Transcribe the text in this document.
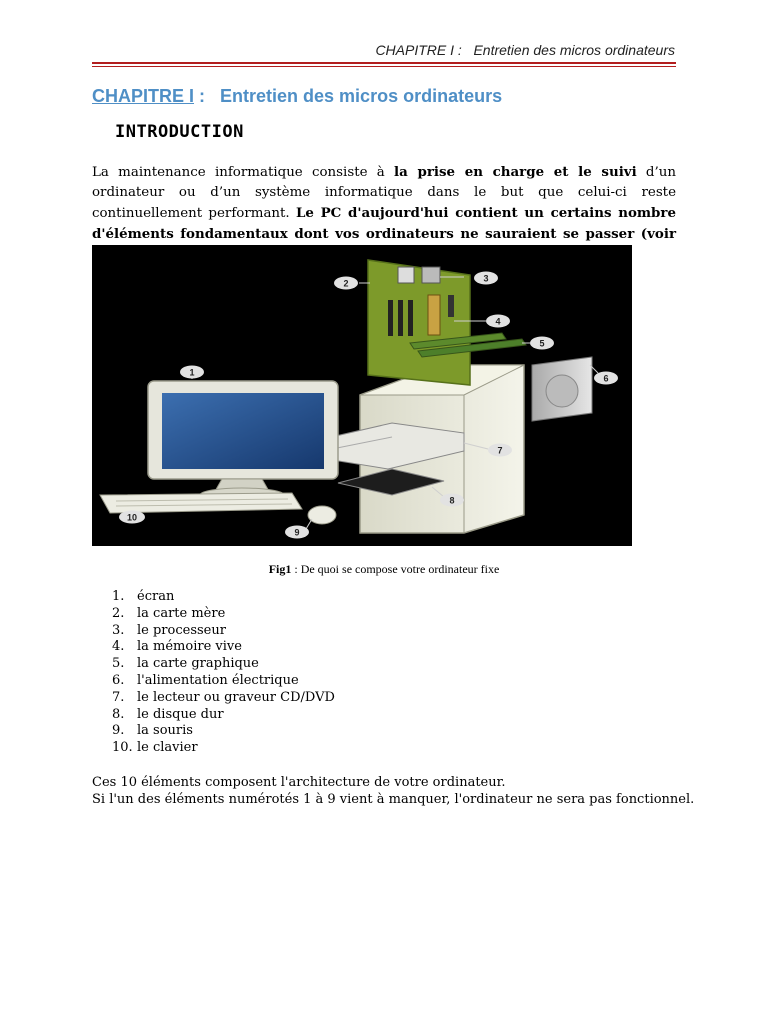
CHAPITRE I :   Entretien des micros ordinateurs
CHAPITRE I :   Entretien des micros ordinateurs
INTRODUCTION

La maintenance informatique consiste à la prise en charge et le suivi d’un ordinateur ou d’un système informatique dans le but que celui-ci reste continuellement performant. Le PC d'aujourd'hui contient un certains nombre d'éléments fondamentaux dont vos ordinateurs ne sauraient se passer (voir

1
2	3
4
5
6
7
8
9
10
Fig1 : De quoi se compose votre ordinateur fixe
1. écran
2. la carte mère
3. le processeur
4. la mémoire vive
5. la carte graphique
6. l'alimentation électrique
7. le lecteur ou graveur CD/DVD
8. le disque dur
9. la souris
10. le clavier

Ces 10 éléments composent l'architecture de votre ordinateur.
Si l'un des éléments numérotés 1 à 9 vient à manquer, l'ordinateur ne sera pas fonctionnel.
